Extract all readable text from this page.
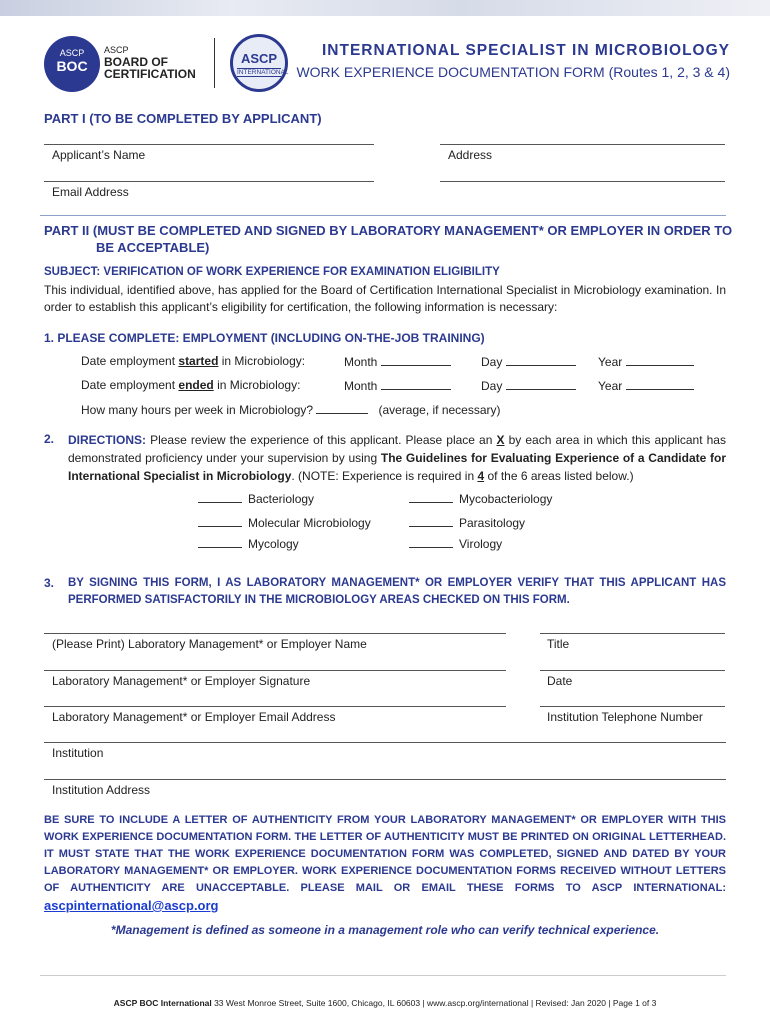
ASCP
BOC
ASCP
BOARD OF
CERTIFICATION
ASCP
INTERNATIONAL
INTERNATIONAL SPECIALIST IN MICROBIOLOGY
WORK EXPERIENCE DOCUMENTATION FORM (Routes 1, 2, 3 & 4)
PART I (TO BE COMPLETED BY APPLICANT)
Applicant’s Name	Address
Email Address
PART II (MUST BE COMPLETED AND SIGNED BY LABORATORY MANAGEMENT* OR EMPLOYER IN ORDER TO
BE ACCEPTABLE)
SUBJECT: VERIFICATION OF WORK EXPERIENCE FOR EXAMINATION ELIGIBILITY
This individual, identified above, has applied for the Board of Certification International Specialist in Microbiology examination. In order to establish this applicant’s eligibility for certification, the following information is necessary:
1. PLEASE COMPLETE: EMPLOYMENT (INCLUDING ON-THE-JOB TRAINING)
Date employment started in Microbiology:	Month	Day	Year
Date employment ended in Microbiology:	Month	Day	Year
How many hours per week in Microbiology?	(average, if necessary)
2. DIRECTIONS: Please review the experience of this applicant. Please place an X by each area in which this applicant has demonstrated proficiency under your supervision by using The Guidelines for Evaluating Experience of a Candidate for International Specialist in Microbiology. (NOTE: Experience is required in 4 of the 6 areas listed below.)
Bacteriology	Mycobacteriology
Molecular Microbiology	Parasitology
Mycology	Virology
3. BY SIGNING THIS FORM, I AS LABORATORY MANAGEMENT* OR EMPLOYER VERIFY THAT THIS APPLICANT HAS PERFORMED SATISFACTORILY IN THE MICROBIOLOGY AREAS CHECKED ON THIS FORM.
(Please Print) Laboratory Management* or Employer Name	Title
Laboratory Management* or Employer Signature	Date
Laboratory Management* or Employer Email Address	Institution Telephone Number
Institution
Institution Address
BE SURE TO INCLUDE A LETTER OF AUTHENTICITY FROM YOUR LABORATORY MANAGEMENT* OR EMPLOYER WITH THIS WORK EXPERIENCE DOCUMENTATION FORM. THE LETTER OF AUTHENTICITY MUST BE PRINTED ON ORIGINAL LETTERHEAD. IT MUST STATE THAT THE WORK EXPERIENCE DOCUMENTATION FORM WAS COMPLETED, SIGNED AND DATED BY YOUR LABORATORY MANAGEMENT* OR EMPLOYER. WORK EXPERIENCE DOCUMENTATION FORMS RECEIVED WITHOUT LETTERS OF AUTHENTICITY ARE UNACCEPTABLE. PLEASE MAIL OR EMAIL THESE FORMS TO ASCP INTERNATIONAL: ascpinternational@ascp.org
*Management is defined as someone in a management role who can verify technical experience.
ASCP BOC International 33 West Monroe Street, Suite 1600, Chicago, IL 60603 | www.ascp.org/international | Revised: Jan 2020 | Page 1 of 3
